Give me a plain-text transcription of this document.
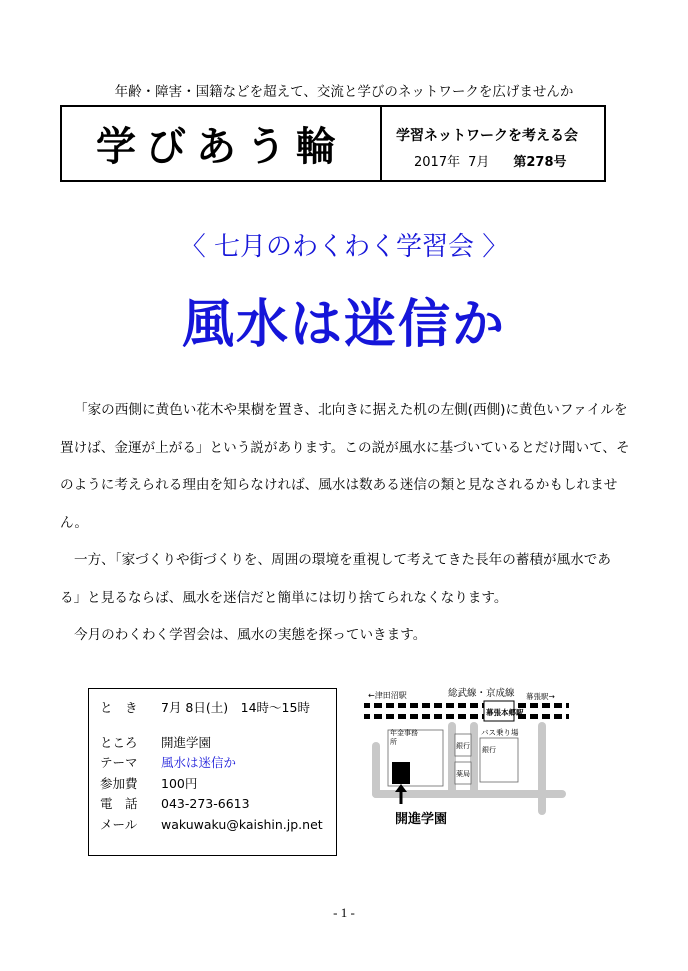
年齢・障害・国籍などを超えて、交流と学びのネットワークを広げませんか
学びあう輪	学習ネットワークを考える会
2017年 7月 第278号
〈 七月のわくわく学習会 〉
風水は迷信か

「家の西側に黄色い花木や果樹を置き、北向きに据えた机の左側(西側)に黄色いファイルを置けば、金運が上がる」という説があります。この説が風水に基づいているとだけ聞いて、そのように考えられる理由を知らなければ、風水は数ある迷信の類と見なされるかもしれません。

一方、「家づくりや街づくりを、周囲の環境を重視して考えてきた長年の蓄積が風水である」と見るならば、風水を迷信だと簡単には切り捨てられなくなります。

今月のわくわく学習会は、風水の実態を探っていきます。

と　き	7月 8日(土)　14時～15時
ところ	開進学園
テーマ	風水は迷信か
参加費	100円
電　話	043-273-6613
メール	wakuwaku@kaishin.jp.net
←津田沼駅	総武線・京成線 幕張駅→
幕張本郷駅
バス乗り場
年金事務所	銀行
薬局
銀行
開進学園
- 1 -
